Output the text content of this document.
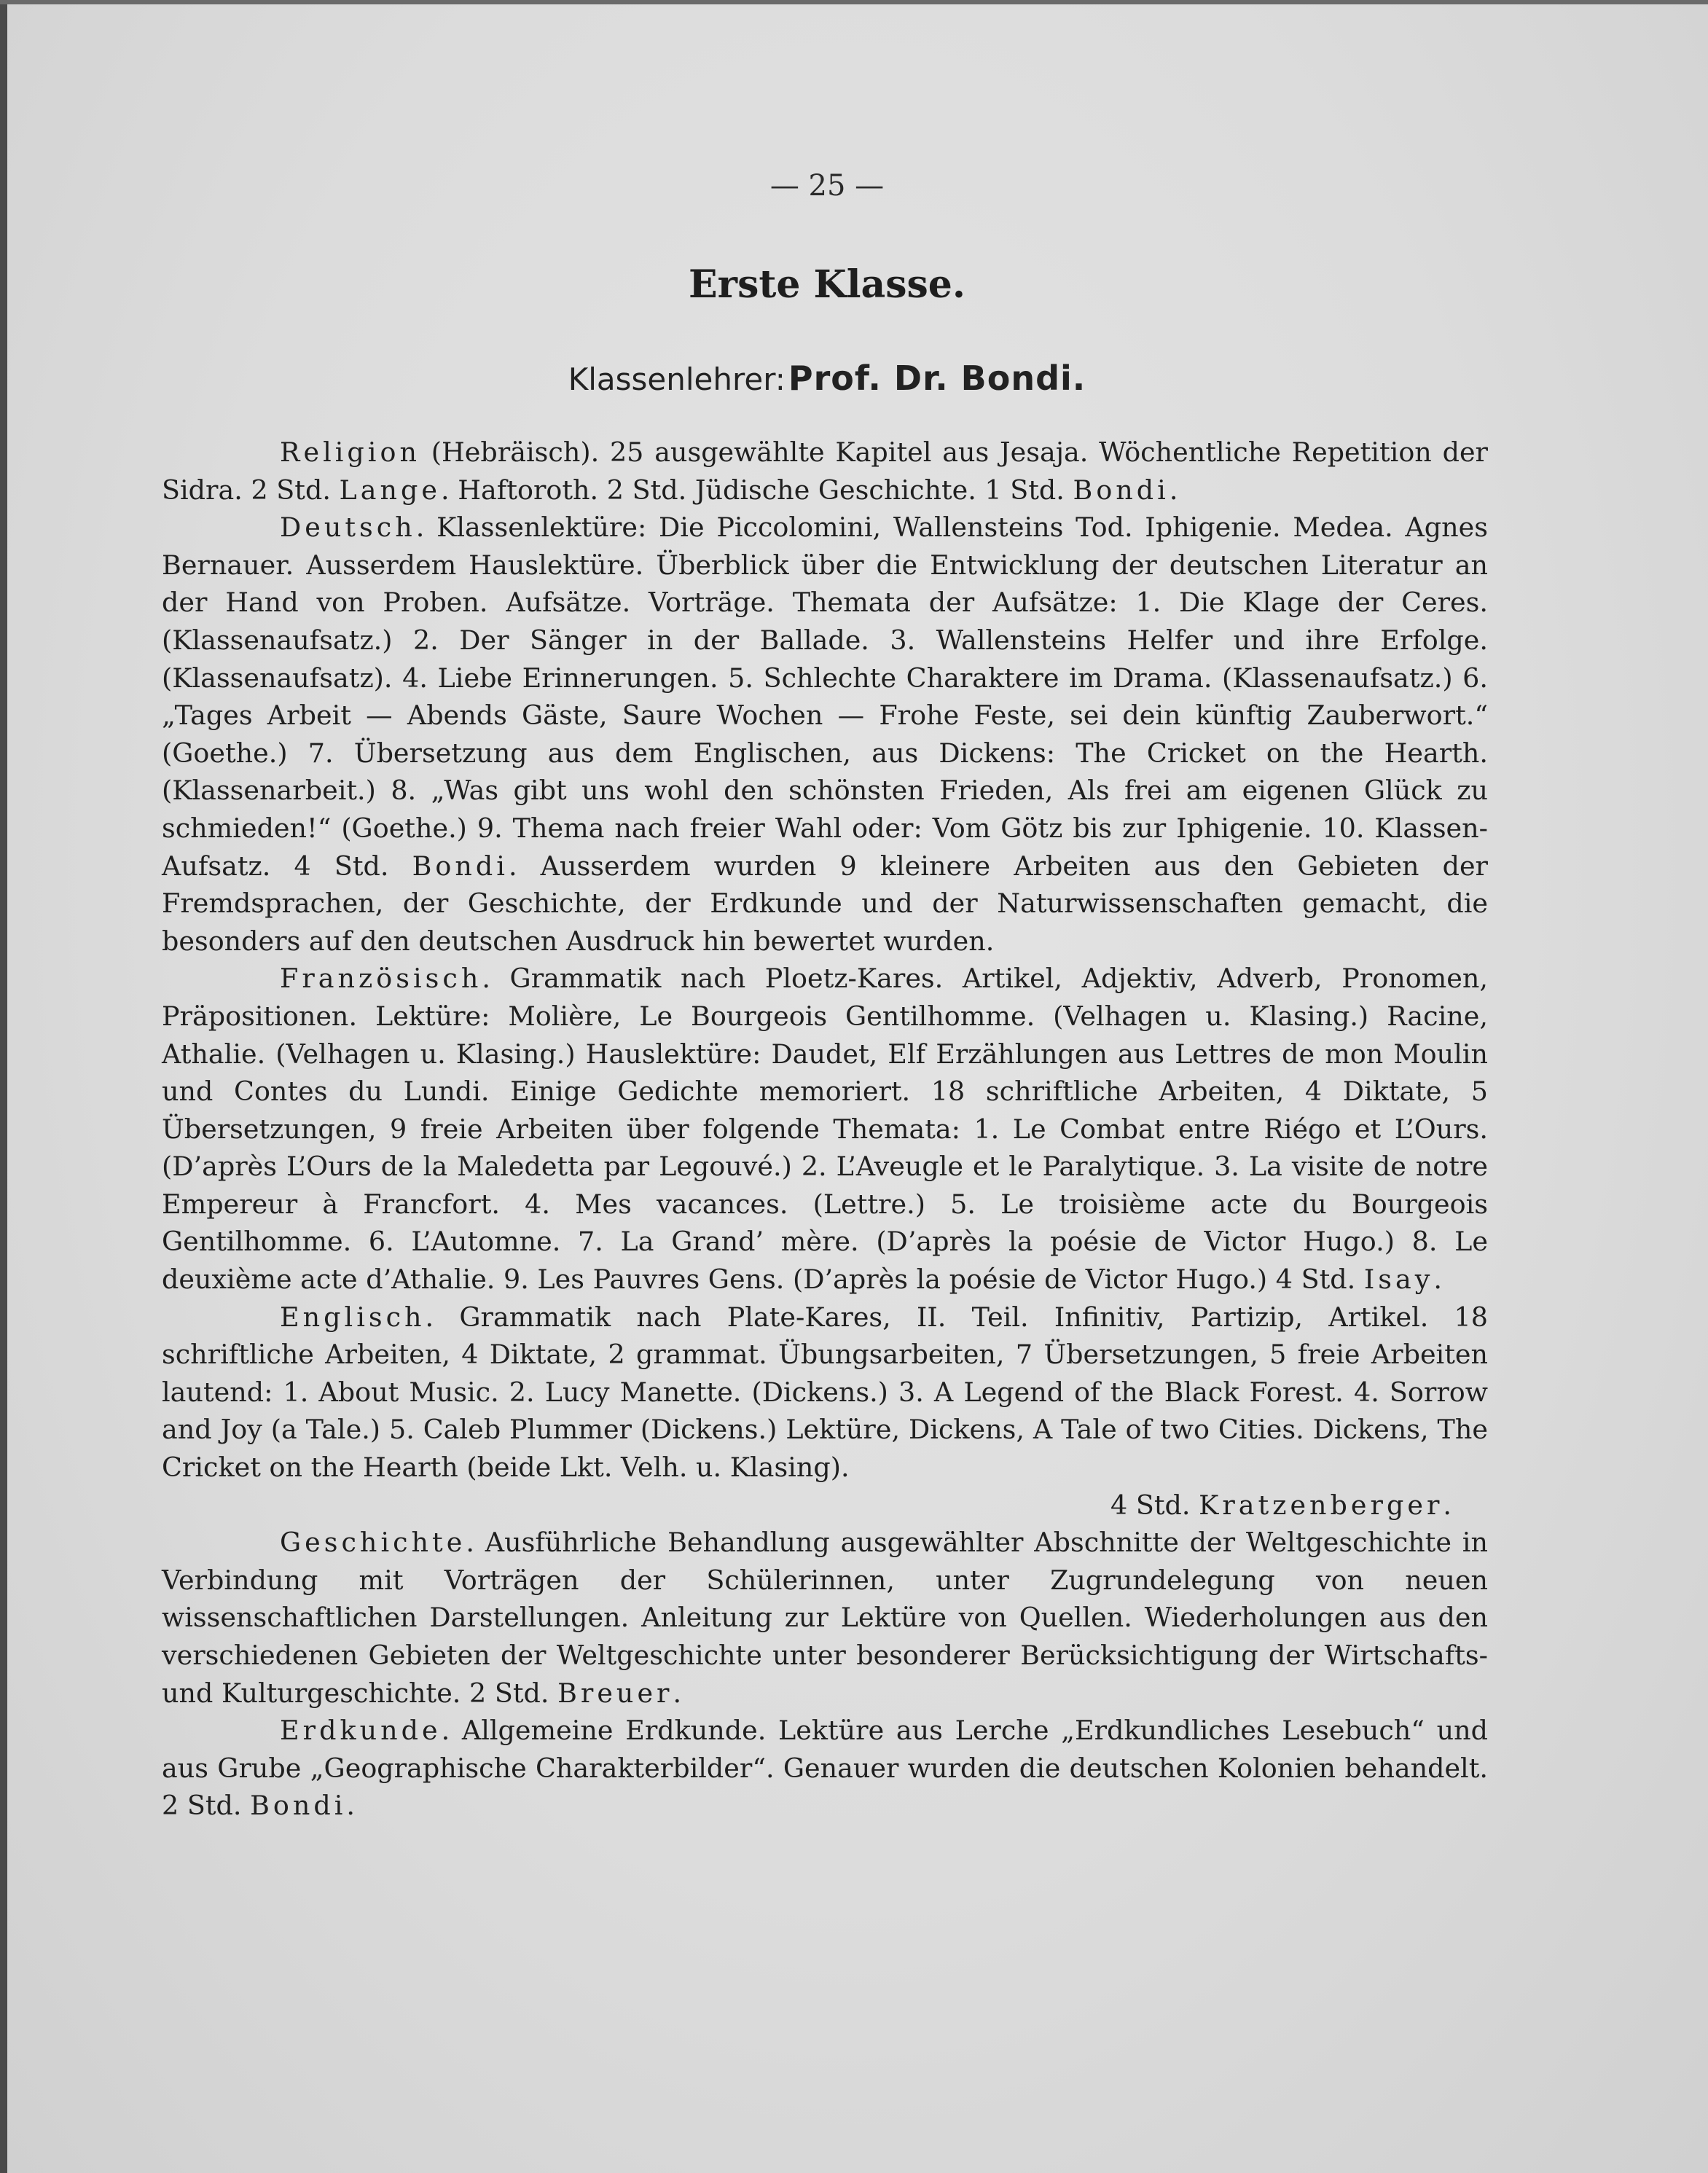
— 25 —
Erste Klasse.
Klassenlehrer: Prof. Dr. Bondi.

Religion (Hebräisch). 25 ausgewählte Kapitel aus Jesaja. Wöchentliche Repetition der Sidra. 2 Std. Lange. Haftoroth. 2 Std. Jüdische Geschichte. 1 Std. Bondi.

Deutsch. Klassenlektüre: Die Piccolomini, Wallensteins Tod. Iphigenie. Medea. Agnes Bernauer. Ausserdem Hauslektüre. Überblick über die Entwicklung der deutschen Literatur an der Hand von Proben. Aufsätze. Vorträge. Themata der Aufsätze: 1. Die Klage der Ceres. (Klassenaufsatz.) 2. Der Sänger in der Ballade. 3. Wallensteins Helfer und ihre Erfolge. (Klassenaufsatz). 4. Liebe Erinnerungen. 5. Schlechte Charaktere im Drama. (Klassenaufsatz.) 6. „Tages Arbeit — Abends Gäste, Saure Wochen — Frohe Feste, sei dein künftig Zauberwort.“ (Goethe.) 7. Übersetzung aus dem Englischen, aus Dickens: The Cricket on the Hearth. (Klassenarbeit.) 8. „Was gibt uns wohl den schönsten Frieden, Als frei am eigenen Glück zu schmieden!“ (Goethe.) 9. Thema nach freier Wahl oder: Vom Götz bis zur Iphigenie. 10. Klassen-Aufsatz. 4 Std. Bondi. Ausserdem wurden 9 kleinere Arbeiten aus den Gebieten der Fremdsprachen, der Geschichte, der Erdkunde und der Naturwissenschaften gemacht, die besonders auf den deutschen Ausdruck hin bewertet wurden.

Französisch. Grammatik nach Ploetz-Kares. Artikel, Adjektiv, Adverb, Pronomen, Präpositionen. Lektüre: Molière, Le Bourgeois Gentilhomme. (Velhagen u. Klasing.) Racine, Athalie. (Velhagen u. Klasing.) Hauslektüre: Daudet, Elf Erzählungen aus Lettres de mon Moulin und Contes du Lundi. Einige Gedichte memoriert. 18 schriftliche Arbeiten, 4 Diktate, 5 Übersetzungen, 9 freie Arbeiten über folgende Themata: 1. Le Combat entre Riégo et L’Ours. (D’après L’Ours de la Maledetta par Legouvé.) 2. L’Aveugle et le Paralytique. 3. La visite de notre Empereur à Francfort. 4. Mes vacances. (Lettre.) 5. Le troisième acte du Bourgeois Gentilhomme. 6. L’Automne. 7. La Grand’ mère. (D’après la poésie de Victor Hugo.) 8. Le deuxième acte d’Athalie. 9. Les Pauvres Gens. (D’après la poésie de Victor Hugo.) 4 Std. Isay.

Englisch. Grammatik nach Plate-Kares, II. Teil. Infinitiv, Partizip, Artikel. 18 schriftliche Arbeiten, 4 Diktate, 2 grammat. Übungsarbeiten, 7 Übersetzungen, 5 freie Arbeiten lautend: 1. About Music. 2. Lucy Manette. (Dickens.) 3. A Legend of the Black Forest. 4. Sorrow and Joy (a Tale.) 5. Caleb Plummer (Dickens.) Lektüre, Dickens, A Tale of two Cities. Dickens, The Cricket on the Hearth (beide Lkt. Velh. u. Klasing).
4 Std. Kratzenberger.

Geschichte. Ausführliche Behandlung ausgewählter Abschnitte der Weltgeschichte in Verbindung mit Vorträgen der Schülerinnen, unter Zugrundelegung von neuen wissenschaftlichen Darstellungen. Anleitung zur Lektüre von Quellen. Wiederholungen aus den verschiedenen Gebieten der Weltgeschichte unter besonderer Berücksichtigung der Wirtschafts- und Kulturgeschichte. 2 Std. Breuer.

Erdkunde. Allgemeine Erdkunde. Lektüre aus Lerche „Erdkundliches Lesebuch“ und aus Grube „Geographische Charakterbilder“. Genauer wurden die deutschen Kolonien behandelt. 2 Std. Bondi.
